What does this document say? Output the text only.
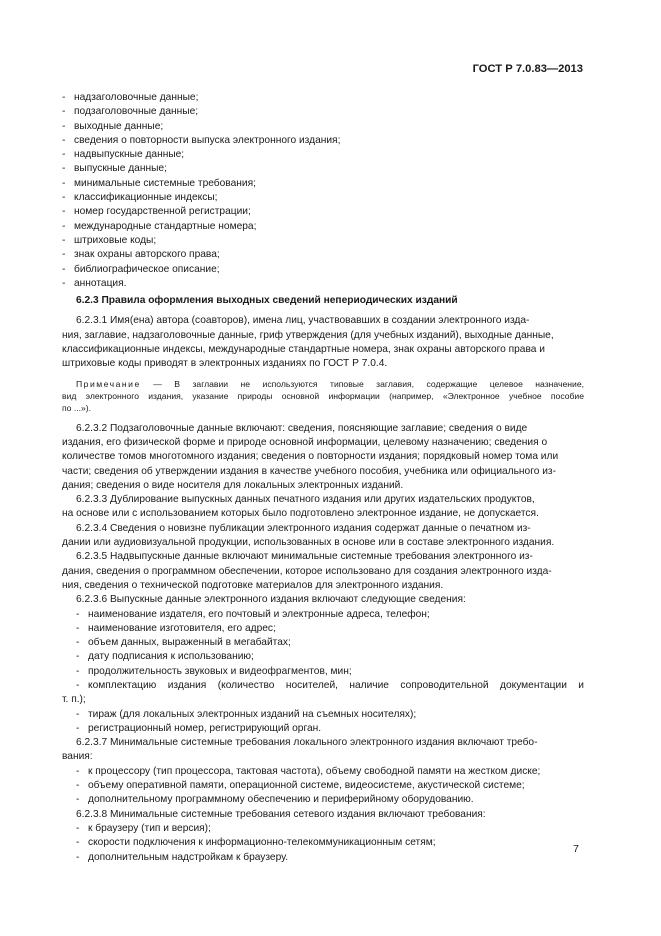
ГОСТ Р 7.0.83—2013
- надзаголовочные данные;
- подзаголовочные данные;
- выходные данные;
- сведения о повторности выпуска электронного издания;
- надвыпускные данные;
- выпускные данные;
- минимальные системные требования;
- классификационные индексы;
- номер государственной регистрации;
- международные стандартные номера;
- штриховые коды;
- знак охраны авторского права;
- библиографическое описание;
- аннотация.
6.2.3 Правила оформления выходных сведений непериодических изданий
6.2.3.1 Имя(ена) автора (соавторов), имена лиц, участвовавших в создании электронного изда-
ния, заглавие, надзаголовочные данные, гриф утверждения (для учебных изданий), выходные данные,
классификационные индексы, международные стандартные номера, знак охраны авторского права и
штриховые коды приводят в электронных изданиях по ГОСТ Р 7.0.4.
Примечание — В заглавии не используются типовые заглавия, содержащие целевое назначение,
вид электронного издания, указание природы основной информации (например, «Электронное учебное пособие
по ...»).
6.2.3.2 Подзаголовочные данные включают: сведения, поясняющие заглавие; сведения о виде
издания, его физической форме и природе основной информации, целевому назначению; сведения о
количестве томов многотомного издания; сведения о повторности издания; порядковый номер тома или
части; сведения об утверждении издания в качестве учебного пособия, учебника или официального из-
дания; сведения о виде носителя для локальных электронных изданий.
6.2.3.3 Дублирование выпускных данных печатного издания или других издательских продуктов,
на основе или с использованием которых было подготовлено электронное издание, не допускается.
6.2.3.4 Сведения о новизне публикации электронного издания содержат данные о печатном из-
дании или аудиовизуальной продукции, использованных в основе или в составе электронного издания.
6.2.3.5 Надвыпускные данные включают минимальные системные требования электронного из-
дания, сведения о программном обеспечении, которое использовано для создания электронного изда-
ния, сведения о технической подготовке материалов для электронного издания.
6.2.3.6 Выпускные данные электронного издания включают следующие сведения:
- наименование издателя, его почтовый и электронные адреса, телефон;
- наименование изготовителя, его адрес;
- объем данных, выраженный в мегабайтах;
- дату подписания к использованию;
- продолжительность звуковых и видеофрагментов, мин;
- комплектацию издания (количество носителей, наличие сопроводительной документации и
т. п.);
- тираж (для локальных электронных изданий на съемных носителях);
- регистрационный номер, регистрирующий орган.
6.2.3.7 Минимальные системные требования локального электронного издания включают требо-
вания:
- к процессору (тип процессора, тактовая частота), объему свободной памяти на жестком диске;
- объему оперативной памяти, операционной системе, видеосистеме, акустической системе;
- дополнительному программному обеспечению и периферийному оборудованию.
6.2.3.8 Минимальные системные требования сетевого издания включают требования:
- к браузеру (тип и версия);
- скорости подключения к информационно-телекоммуникационным сетям;
- дополнительным надстройкам к браузеру.
7
